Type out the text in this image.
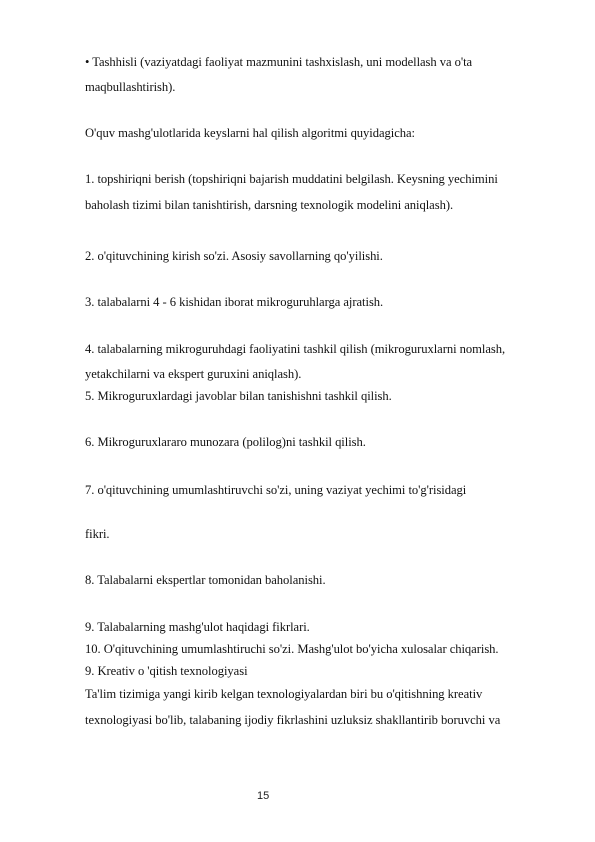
• Tashhisli (vaziyatdagi faoliyat mazmunini tashxislash, uni modellash va o'ta
maqbullashtirish).
O'quv mashg'ulotlarida keyslarni hal qilish algoritmi quyidagicha:
1. topshiriqni berish (topshiriqni bajarish muddatini belgilash. Keysning yechimini
baholash tizimi bilan tanishtirish, darsning texnologik modelini aniqlash).
2. o'qituvchining kirish so'zi. Asosiy savollarning qo'yilishi.
3. talabalarni 4 - 6 kishidan iborat mikroguruhlarga ajratish.
4. talabalarning mikroguruhdagi faoliyatini tashkil qilish (mikroguruxlarni nomlash,
yetakchilarni va ekspert guruxini aniqlash).
5. Mikroguruxlardagi javoblar bilan tanishishni tashkil qilish.
6. Mikroguruxlararo munozara (polilog)ni tashkil qilish.
7. o'qituvchining umumlashtiruvchi so'zi, uning vaziyat yechimi to'g'risidagi
fikri.
8. Talabalarni ekspertlar tomonidan baholanishi.
9. Talabalarning mashg'ulot haqidagi fikrlari.
10. O'qituvchining umumlashtiruchi so'zi. Mashg'ulot bo'yicha xulosalar chiqarish.
9. Kreativ o 'qitish texnologiyasi
Ta'lim tizimiga yangi kirib kelgan texnologiyalardan biri bu o'qitishning kreativ
texnologiyasi bo'lib, talabaning ijodiy fikrlashini uzluksiz shakllantirib boruvchi va
15
